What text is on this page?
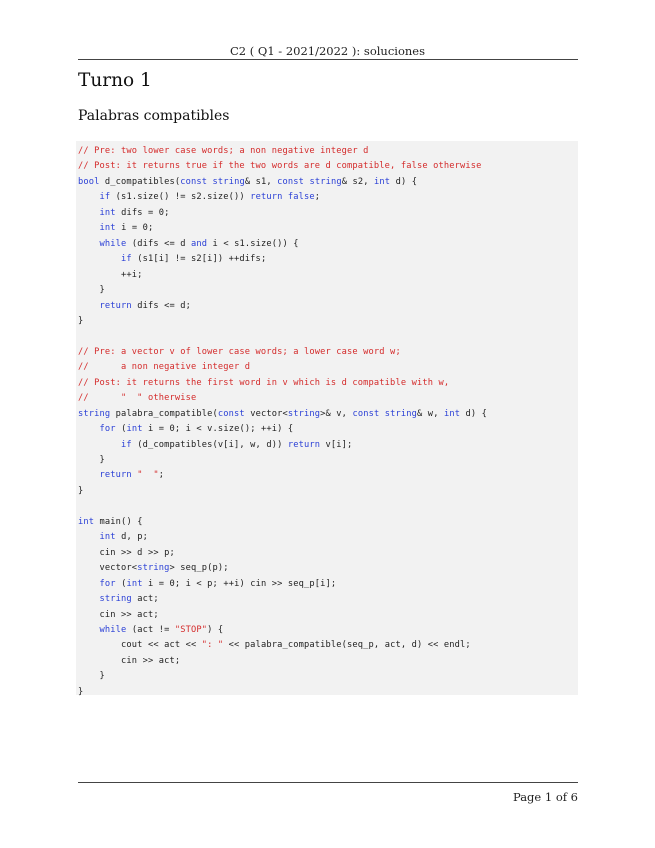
C2 ( Q1 - 2021/2022 ): soluciones
Turno 1
Palabras compatibles
// Pre: two lower case words; a non negative integer d
// Post: it returns true if the two words are d compatible, false otherwise
bool d_compatibles(const string& s1, const string& s2, int d) {
if (s1.size() != s2.size()) return false;
int difs = 0;
int i = 0;
while (difs <= d and i < s1.size()) {
if (s1[i] != s2[i]) ++difs;
++i;
}
return difs <= d;
}
// Pre: a vector v of lower case words; a lower case word w;
//      a non negative integer d
// Post: it returns the first word in v which is d compatible with w,
//      "  " otherwise
string palabra_compatible(const vector<string>& v, const string& w, int d) {
for (int i = 0; i < v.size(); ++i) {
if (d_compatibles(v[i], w, d)) return v[i];
}
return "  ";
}
int main() {
int d, p;
cin >> d >> p;
vector<string> seq_p(p);
for (int i = 0; i < p; ++i) cin >> seq_p[i];
string act;
cin >> act;
while (act != "STOP") {
cout << act << ": " << palabra_compatible(seq_p, act, d) << endl;
cin >> act;
}
}
Page 1 of 6
